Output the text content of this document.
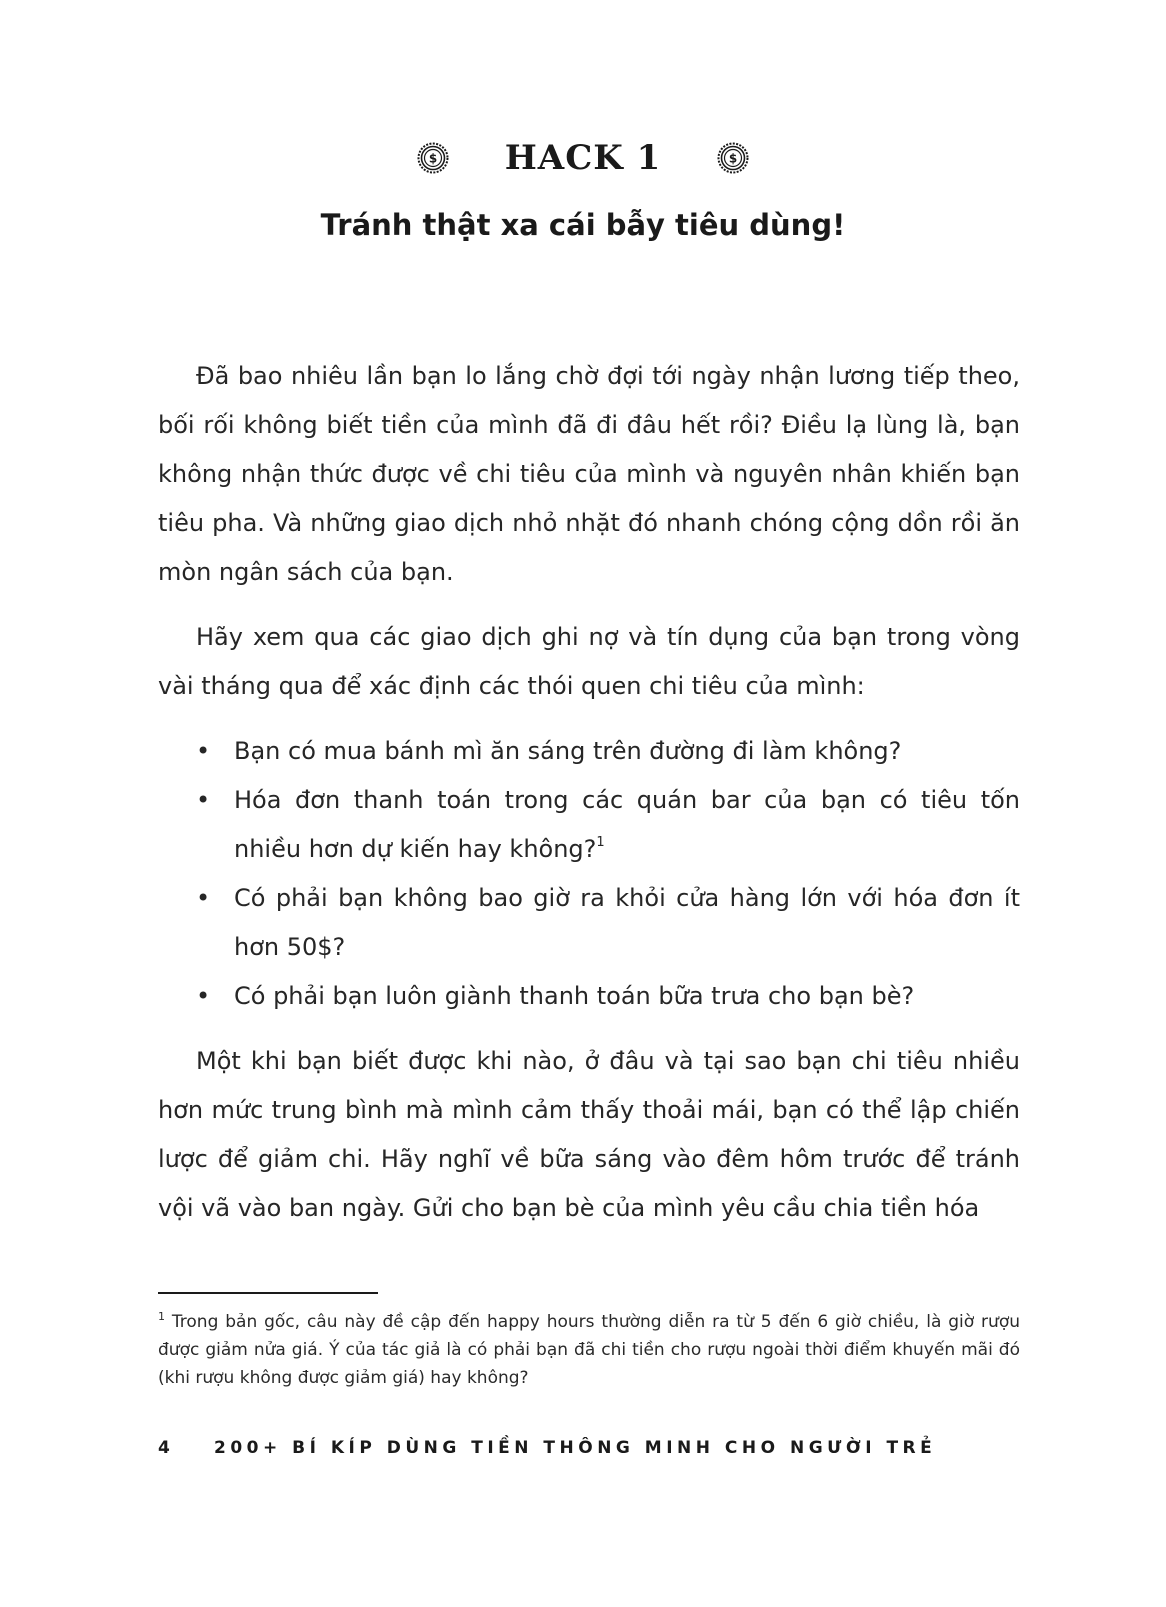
$ HACK 1	$
Tránh thật xa cái bẫy tiêu dùng!

Đã bao nhiêu lần bạn lo lắng chờ đợi tới ngày nhận lương tiếp theo, bối rối không biết tiền của mình đã đi đâu hết rồi? Điều lạ lùng là, bạn không nhận thức được về chi tiêu của mình và nguyên nhân khiến bạn tiêu pha. Và những giao dịch nhỏ nhặt đó nhanh chóng cộng dồn rồi ăn mòn ngân sách của bạn.

Hãy xem qua các giao dịch ghi nợ và tín dụng của bạn trong vòng vài tháng qua để xác định các thói quen chi tiêu của mình:

• Bạn có mua bánh mì ăn sáng trên đường đi làm không?
• Hóa đơn thanh toán trong các quán bar của bạn có tiêu tốn nhiều hơn dự kiến hay không?$^1$
• Có phải bạn không bao giờ ra khỏi cửa hàng lớn với hóa đơn ít hơn 50$?
• Có phải bạn luôn giành thanh toán bữa trưa cho bạn bè?

Một khi bạn biết được khi nào, ở đâu và tại sao bạn chi tiêu nhiều hơn mức trung bình mà mình cảm thấy thoải mái, bạn có thể lập chiến lược để giảm chi. Hãy nghĩ về bữa sáng vào đêm hôm trước để tránh vội vã vào ban ngày. Gửi cho bạn bè của mình yêu cầu chia tiền hóa

$^1$ Trong bản gốc, câu này đề cập đến happy hours thường diễn ra từ 5 đến 6 giờ chiều, là giờ rượu được giảm nửa giá. Ý của tác giả là có phải bạn đã chi tiền cho rượu ngoài thời điểm khuyến mãi đó (khi rượu không được giảm giá) hay không?
4	200+ BÍ KÍP DÙNG TIỀN THÔNG MINH CHO NGƯỜI TRẺ
